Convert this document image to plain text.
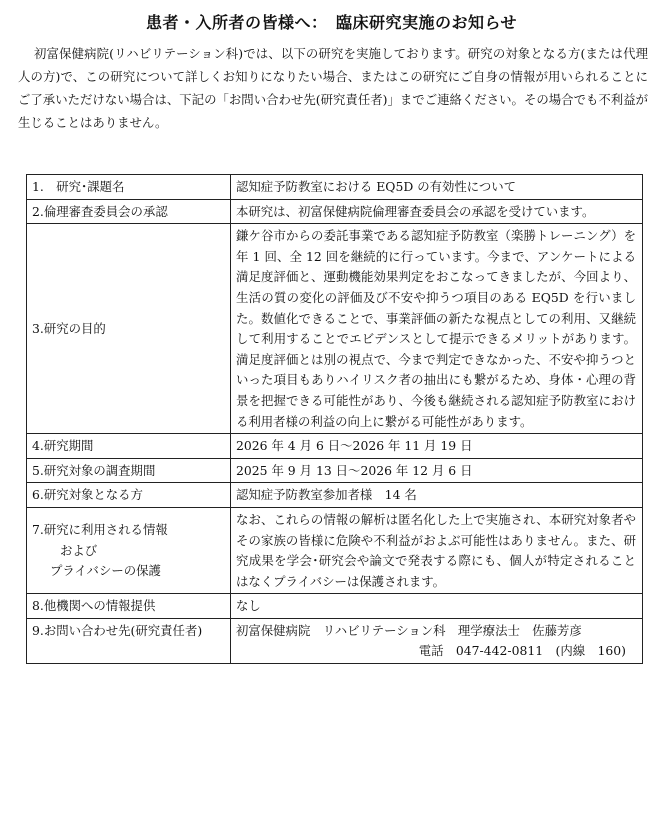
患者・入所者の皆様へ：　臨床研究実施のお知らせ
初富保健病院(リハビリテーション科)では、以下の研究を実施しております。研究の対象となる方(または代理人の方)で、この研究について詳しくお知りになりたい場合、またはこの研究にご自身の情報が用いられることにご了承いただけない場合は、下記の「お問い合わせ先(研究責任者)」までご連絡ください。その場合でも不利益が生じることはありません。
1.　研究･課題名	認知症予防教室における EQ5D の有効性について
2.倫理審査委員会の承認	本研究は、初富保健病院倫理審査委員会の承認を受けています。
3.研究の目的	鎌ケ谷市からの委託事業である認知症予防教室（楽勝トレーニング）を年 1 回、全 12 回を継続的に行っています。今まで、アンケートによる満足度評価と、運動機能効果判定をおこなってきましたが、今回より、生活の質の変化の評価及び不安や抑うつ項目のある EQ5D を行いました。数値化できることで、事業評価の新たな視点としての利用、又継続して利用することでエビデンスとして提示できるメリットがあります。満足度評価とは別の視点で、今まで判定できなかった、不安や抑うつといった項目もありハイリスク者の抽出にも繋がるため、身体・心理の背景を把握できる可能性があり、今後も継続される認知症予防教室における利用者様の利益の向上に繋がる可能性があります。
4.研究期間	2026 年 4 月 6 日～2026 年 11 月 19 日
5.研究対象の調査期間	2025 年 9 月 13 日～2026 年 12 月 6 日
6.研究対象となる方	認知症予防教室参加者様　14 名

7.研究に利用される情報
および
プライバシーの保護	なお、これらの情報の解析は匿名化した上で実施され、本研究対象者やその家族の皆様に危険や不利益がおよぶ可能性はありません。また、研究成果を学会･研究会や論文で発表する際にも、個人が特定されることはなくプライバシーは保護されます。
8.他機関への情報提供	なし
9.お問い合わせ先(研究責任者)	初富保健病院　リハビリテーション科　理学療法士　佐藤芳彦
電話　047-442-0811　(内線　160)
